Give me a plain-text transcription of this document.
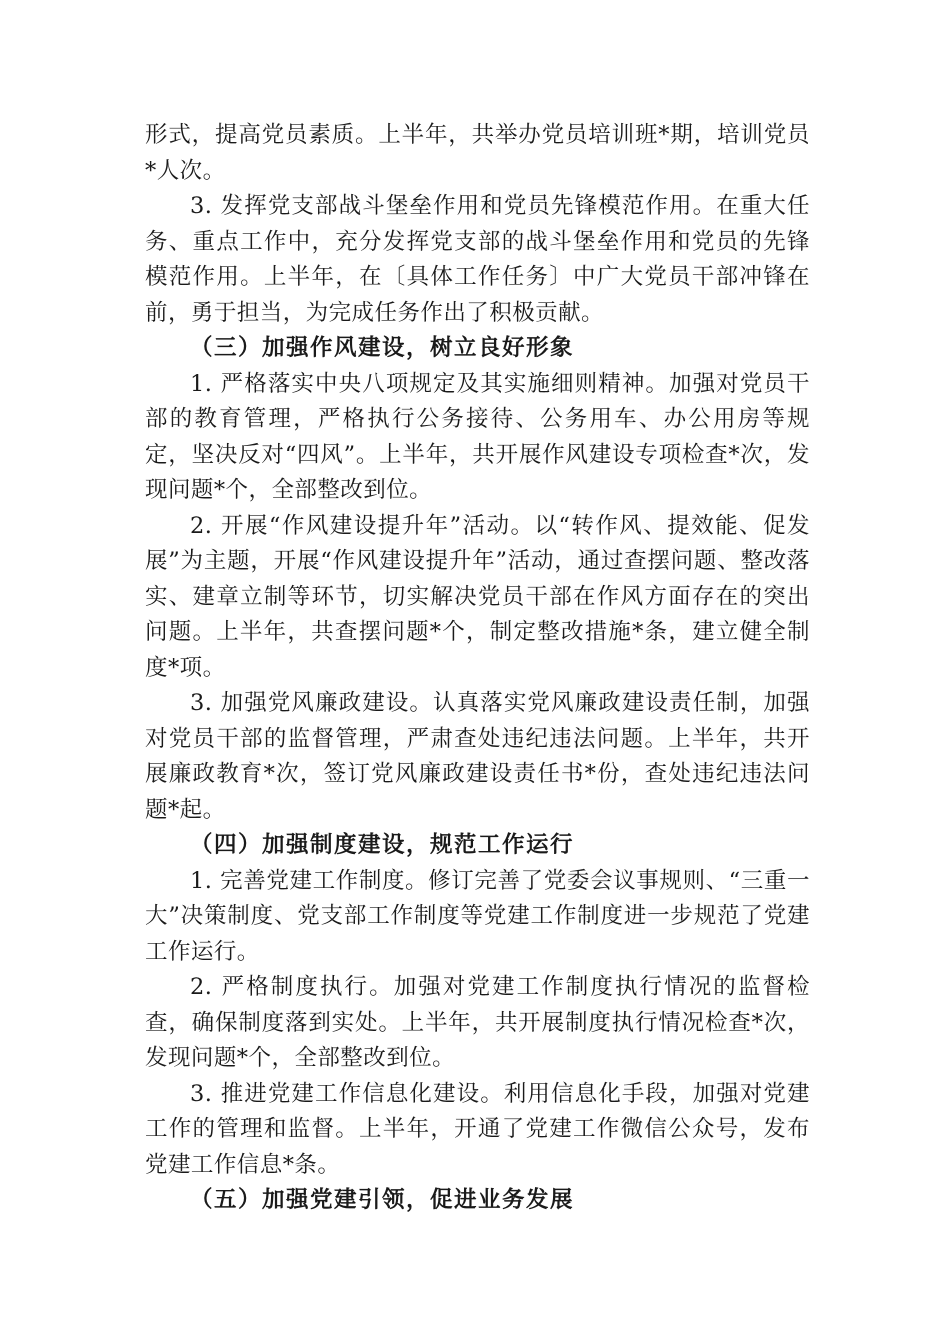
形式，提高党员素质。上半年，共举办党员培训班*期，培训党员*人次。

3. 发挥党支部战斗堡垒作用和党员先锋模范作用。在重大任务、重点工作中，充分发挥党支部的战斗堡垒作用和党员的先锋模范作用。上半年，在〔具体工作任务〕中广大党员干部冲锋在前，勇于担当，为完成任务作出了积极贡献。

（三）加强作风建设，树立良好形象

1. 严格落实中央八项规定及其实施细则精神。加强对党员干部的教育管理，严格执行公务接待、公务用车、办公用房等规定，坚决反对“四风”。上半年，共开展作风建设专项检查*次，发现问题*个，全部整改到位。

2. 开展“作风建设提升年”活动。以“转作风、提效能、促发展”为主题，开展“作风建设提升年”活动，通过查摆问题、整改落实、建章立制等环节，切实解决党员干部在作风方面存在的突出问题。上半年，共查摆问题*个，制定整改措施*条，建立健全制度*项。

3. 加强党风廉政建设。认真落实党风廉政建设责任制，加强对党员干部的监督管理，严肃查处违纪违法问题。上半年，共开展廉政教育*次，签订党风廉政建设责任书*份，查处违纪违法问题*起。

（四）加强制度建设，规范工作运行

1. 完善党建工作制度。修订完善了党委会议事规则、“三重一大”决策制度、党支部工作制度等党建工作制度进一步规范了党建工作运行。

2. 严格制度执行。加强对党建工作制度执行情况的监督检查，确保制度落到实处。上半年，共开展制度执行情况检查*次，发现问题*个，全部整改到位。

3. 推进党建工作信息化建设。利用信息化手段，加强对党建工作的管理和监督。上半年，开通了党建工作微信公众号，发布党建工作信息*条。

（五）加强党建引领，促进业务发展
